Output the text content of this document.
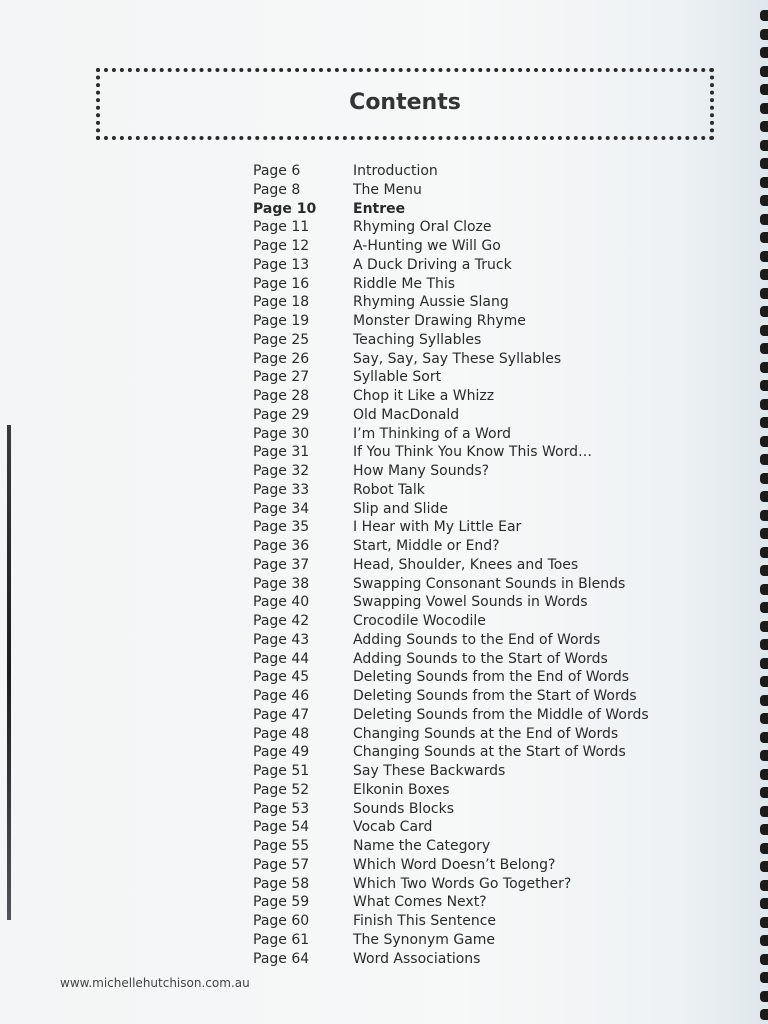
Contents
Page 6	Introduction
Page 8	The Menu
Page 10	Entree
Page 11	Rhyming Oral Cloze
Page 12	A-Hunting we Will Go
Page 13	A Duck Driving a Truck
Page 16	Riddle Me This
Page 18	Rhyming Aussie Slang
Page 19	Monster Drawing Rhyme
Page 25	Teaching Syllables
Page 26	Say, Say, Say These Syllables
Page 27	Syllable Sort
Page 28	Chop it Like a Whizz
Page 29	Old MacDonald
Page 30	I’m Thinking of a Word
Page 31	If You Think You Know This Word…
Page 32	How Many Sounds?
Page 33	Robot Talk
Page 34	Slip and Slide
Page 35	I Hear with My Little Ear
Page 36	Start, Middle or End?
Page 37	Head, Shoulder, Knees and Toes
Page 38	Swapping Consonant Sounds in Blends
Page 40	Swapping Vowel Sounds in Words
Page 42	Crocodile Wocodile
Page 43	Adding Sounds to the End of Words
Page 44	Adding Sounds to the Start of Words
Page 45	Deleting Sounds from the End of Words
Page 46	Deleting Sounds from the Start of Words
Page 47	Deleting Sounds from the Middle of Words
Page 48	Changing Sounds at the End of Words
Page 49	Changing Sounds at the Start of Words
Page 51	Say These Backwards
Page 52	Elkonin Boxes
Page 53	Sounds Blocks
Page 54	Vocab Card
Page 55	Name the Category
Page 57	Which Word Doesn’t Belong?
Page 58	Which Two Words Go Together?
Page 59	What Comes Next?
Page 60	Finish This Sentence
Page 61	The Synonym Game
Page 64	Word Associations
www.michellehutchison.com.au
